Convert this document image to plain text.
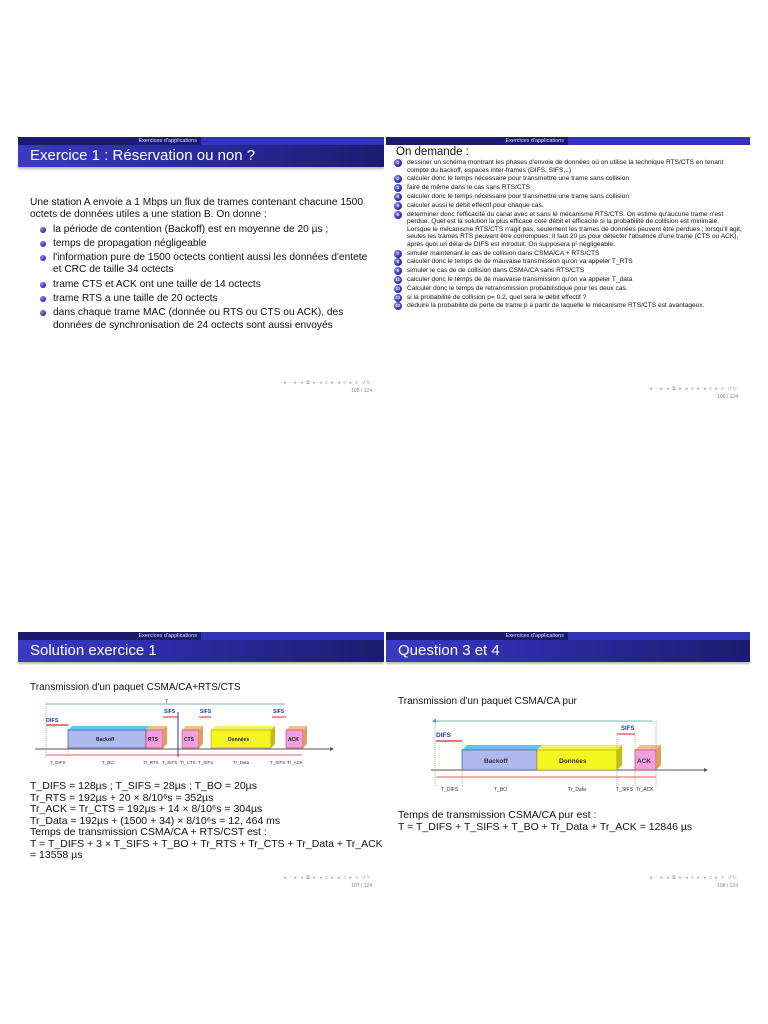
Exercices d'applications
Exercice 1 : Réservation ou non ?
Une station A envoie a 1 Mbps un flux de trames contenant chacune 1500 octets de données utiles a une station B. On donne :
la période de contention (Backoff) est en moyenne de 20 µs ;
temps de propagation négligeable
l'information pure de 1500 octects contient aussi les données d'entete et CRC de taille 34 octects
trame CTS et ACK ont une taille de 14 octects
trame RTS a une taille de 20 octects
dans chaque trame MAC (donnée ou RTS ou CTS ou ACK), des données de synchronisation de 24 octects sont aussi envoyés
◂ ▫ ▸ ◂ ⧉ ▸ ◂ ≡ ▸ ◂ ≡ ▸ ≡ ↺↻
105 / 124
Exercices d'applications
On demande :
1	dessiner un schéma montrant les phases d'envoie de données où on utilise la technique RTS/CTS en tenant compte du backoff, espaces inter-frames (DIFS, SIFS,..)
2	calculer donc le temps nécessaire pour transmettre une trame sans collision
3	faire de même dans le cas sans RTS/CTS
4	calculer donc le temps nécessaire pour transmettre une trame sans collision
5	calculer aussi le débit effectif pour chaque cas.
6	déterminer donc l'efficacité du canal avec et sans le mécanisme RTS/CTS. On estime qu'aucune trame n'est perdue. Quel est la solution la plus efficace coté débit et efficacité si la probabilité de collision est minimale.
Lorsque le mécanisme RTS/CTS n'agit pas, seulement les trames de données peuvent être perdues ; lorsqu'il agit, seules les trames RTS peuvent être corrompues. Il faut 20 µs pour détecter l'absence d'une trame (CTS ou ACK), après quoi un délai de DIFS est introduit. On supposera p² négligeable.
7	simuler maintenant le cas de collision dans CSMA/CA + RTS/CTS
8	calculer donc le temps de de mauvaise transmission qu'on va appeler T_RTS
9	simuler le cas de de collision dans CSMA/CA sans RTS/CTS
10 calculer donc le temps de de mauvaise transmission qu'on va appeler T_data
11 Calculer donc le temps de retransmission probabilistique pour les deux cas.
12 si la probabilité de collision p= 0.2, quel sera le débit effectif ?
13 déduire la probabilité de perte de trame p a partir de laquelle le mécanisme RTS/CTS est avantageux.
◂ ▫ ▸ ◂ ⧉ ▸ ◂ ≡ ▸ ◂ ≡ ▸ ≡ ↺↻
106 / 124
Exercices d'applications
Solution exercice 1
Transmission d'un paquet CSMA/CA+RTS/CTS
T
DIFS
Backoff	RTS
SIFS
CTS
SIFS
Données
SIFS
ACK
T_DIFS	T_BO	Tr_RTS T_SIFS Tr_CTS T_SIFS	Tr_Data	T_SIFS Tr_ACK
T_DIFS = 128µs ; T_SIFS = 28µs ; T_BO = 20µs
Tr_RTS = 192µs + 20 × 8/10⁶s = 352µs
Tr_ACK = Tr_CTS = 192µs + 14 × 8/10⁶s = 304µs
Tr_Data = 192µs + (1500 + 34) × 8/10⁶s = 12, 464 ms
Temps de transmission CSMA/CA + RTS/CST est :
T = T_DIFS + 3 × T_SIFS + T_BO + Tr_RTS + Tr_CTS + Tr_Data + Tr_ACK = 13558 µs
◂ ▫ ▸ ◂ ⧉ ▸ ◂ ≡ ▸ ◂ ≡ ▸ ≡ ↺↻
107 / 124
Exercices d'applications
Question 3 et 4
Transmission d'un paquet CSMA/CA pur
DIFS
Backoff	Données
SIFS
ACK
T_DIFS	T_BO	Tr_Data	T_SIFS Tr_ACK
Temps de transmission CSMA/CA pur est :
T = T_DIFS + T_SIFS + T_BO + Tr_Data + Tr_ACK = 12846 µs
◂ ▫ ▸ ◂ ⧉ ▸ ◂ ≡ ▸ ◂ ≡ ▸ ≡ ↺↻
108 / 124
